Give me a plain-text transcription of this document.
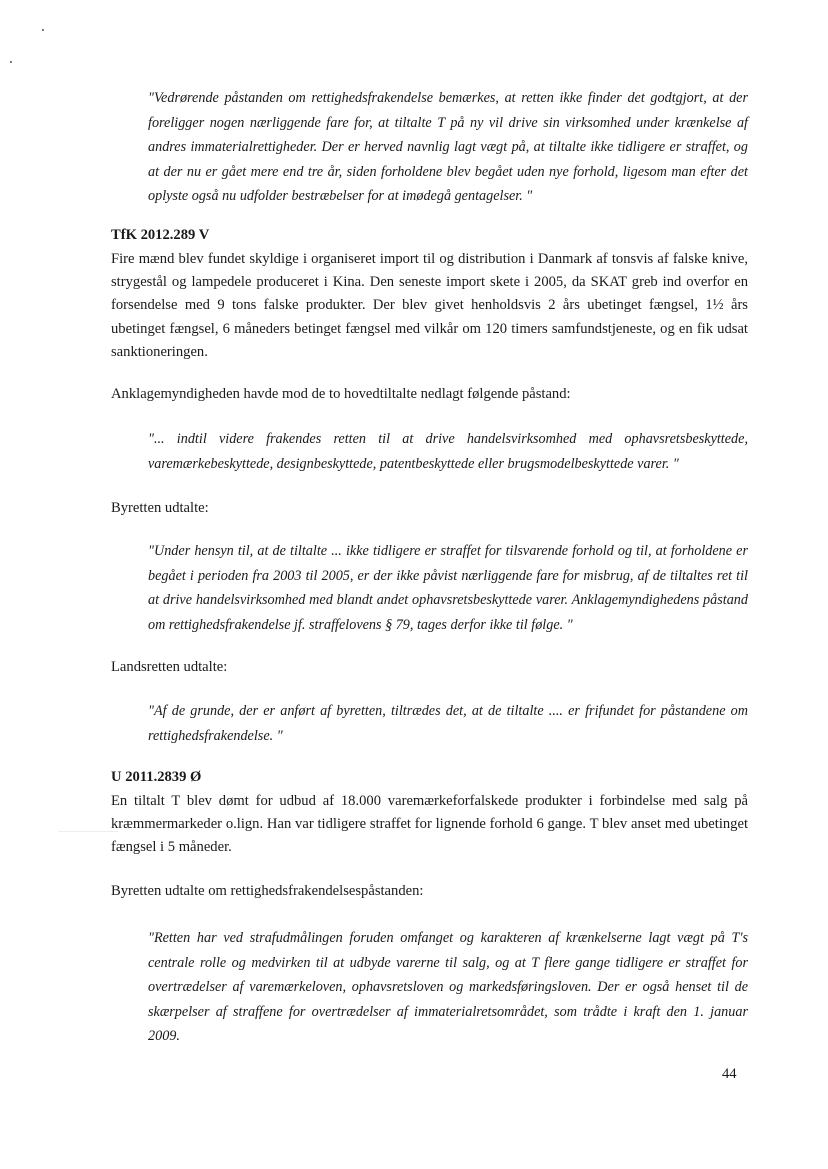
"Vedrørende påstanden om rettighedsfrakendelse bemærkes, at retten ikke finder det godtgjort, at der foreligger nogen nærliggende fare for, at tiltalte T på ny vil drive sin virksomhed under krænkelse af andres immaterialrettigheder. Der er herved navnlig lagt vægt på, at tiltalte ikke tidligere er straffet, og at der nu er gået mere end tre år, siden forholdene blev begået uden nye forhold, ligesom man efter det oplyste også nu udfolder bestræbelser for at imødegå gentagelser. "

TfK 2012.289 V

Fire mænd blev fundet skyldige i organiseret import til og distribution i Danmark af tonsvis af falske knive, strygestål og lampedele produceret i Kina. Den seneste import skete i 2005, da SKAT greb ind overfor en forsendelse med 9 tons falske produkter. Der blev givet henholdsvis 2 års ubetinget fængsel, 1½ års ubetinget fængsel, 6 måneders betinget fængsel med vilkår om 120 timers samfundstjeneste, og en fik udsat sanktioneringen.

Anklagemyndigheden havde mod de to hovedtiltalte nedlagt følgende påstand:

"... indtil videre frakendes retten til at drive handelsvirksomhed med ophavsretsbeskyttede, varemærkebeskyttede, designbeskyttede, patentbeskyttede eller brugsmodelbeskyttede varer. "

Byretten udtalte:

"Under hensyn til, at de tiltalte ... ikke tidligere er straffet for tilsvarende forhold og til, at forholdene er begået i perioden fra 2003 til 2005, er der ikke påvist nærliggende fare for misbrug, af de tiltaltes ret til at drive handelsvirksomhed med blandt andet ophavsretsbeskyttede varer. Anklagemyndighedens påstand om rettighedsfrakendelse jf. straffelovens § 79, tages derfor ikke til følge. "

Landsretten udtalte:

"Af de grunde, der er anført af byretten, tiltrædes det, at de tiltalte .... er frifundet for påstandene om rettighedsfrakendelse. "

U 2011.2839 Ø

En tiltalt T blev dømt for udbud af 18.000 varemærkeforfalskede produkter i forbindelse med salg på kræmmermarkeder o.lign. Han var tidligere straffet for lignende forhold 6 gange. T blev anset med ubetinget fængsel i 5 måneder.

Byretten udtalte om rettighedsfrakendelsespåstanden:

"Retten har ved strafudmålingen foruden omfanget og karakteren af krænkelserne lagt vægt på T's centrale rolle og medvirken til at udbyde varerne til salg, og at T flere gange tidligere er straffet for overtrædelser af varemærkeloven, ophavsretsloven og markedsføringsloven. Der er også henset til de skærpelser af straffene for overtrædelser af immaterialretsområdet, som trådte i kraft den 1. januar 2009.

44
